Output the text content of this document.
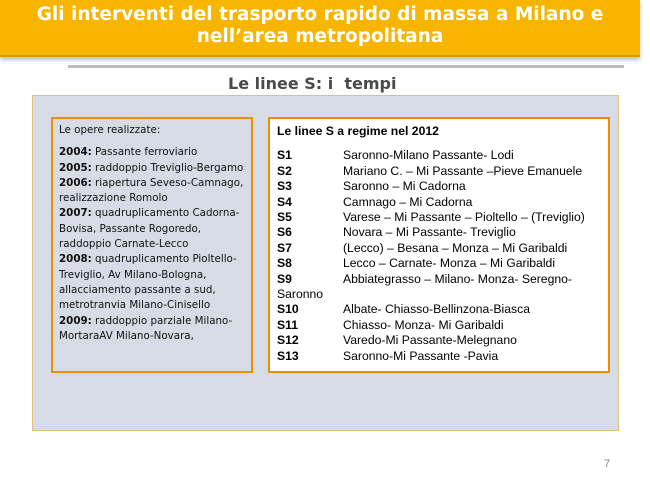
Gli interventi del trasporto rapido di massa a Milano e
nell’area metropolitana
Le linee S: i  tempi
Le opere realizzate:
2004: Passante ferroviario
2005: raddoppio Treviglio-Bergamo
2006: riapertura Seveso-Camnago, realizzazione Romolo
2007: quadruplicamento Cadorna-Bovisa, Passante Rogoredo, raddoppio Carnate-Lecco
2008: quadruplicamento Pioltello-Treviglio, Av Milano-Bologna, allacciamento passante a sud, metrotranvia Milano-Cinisello
2009: raddoppio parziale Milano-MortaraAV Milano-Novara,
Le linee S a regime nel 2012
S1	Saronno-Milano Passante- Lodi
S2	Mariano C. – Mi Passante –Pieve Emanuele
S3	Saronno – Mi Cadorna
S4	Camnago – Mi Cadorna
S5	Varese – Mi Passante – Pioltello – (Treviglio)
S6	Novara – Mi Passante- Treviglio
S7	(Lecco) – Besana – Monza – Mi Garibaldi
S8	Lecco – Carnate- Monza – Mi Garibaldi
S9	Abbiategrasso – Milano- Monza- Seregno-
Saronno
S10	Albate- Chiasso-Bellinzona-Biasca
S11	Chiasso- Monza- Mi Garibaldi
S12	Varedo-Mi Passante-Melegnano
S13	Saronno-Mi Passante -Pavia
7
